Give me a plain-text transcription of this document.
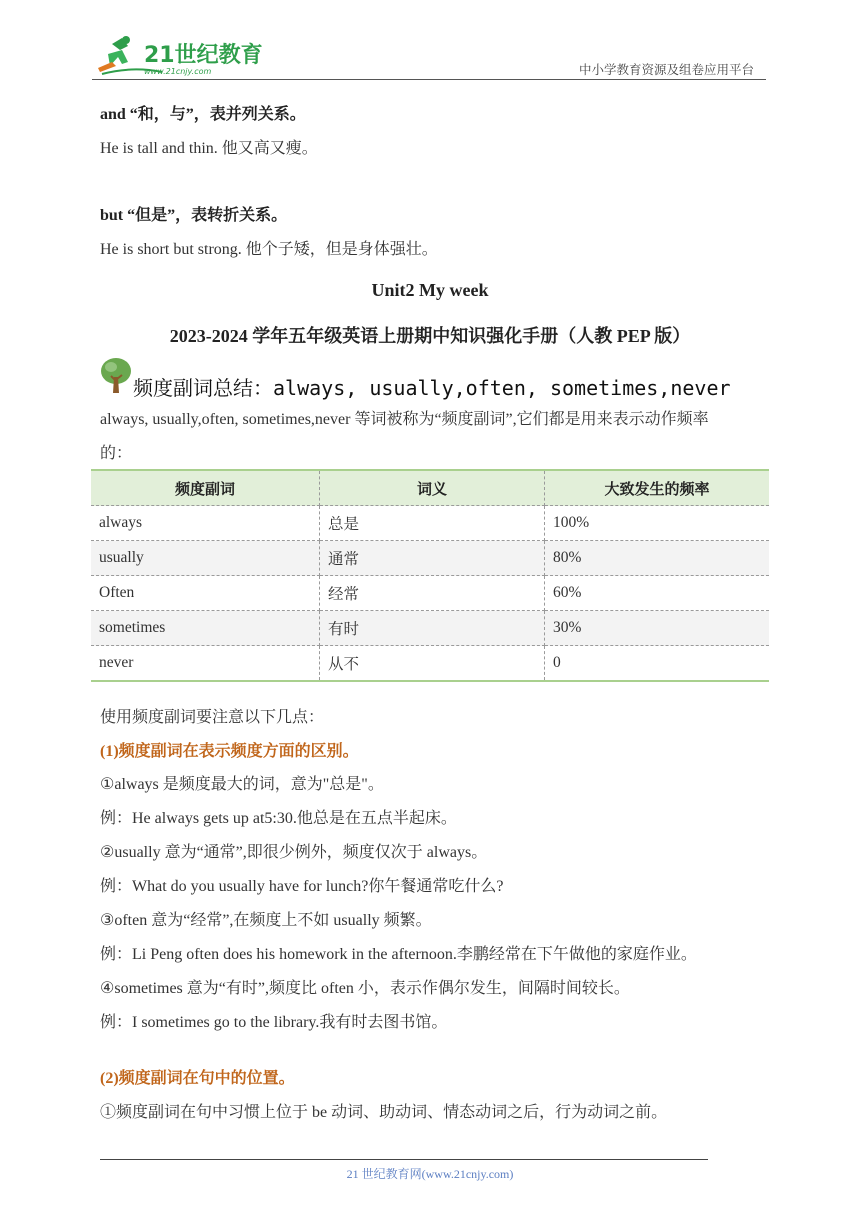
21世纪教育
www.21cnjy.com	中小学教育资源及组卷应用平台
and “和，与”，表并列关系。
He is tall and thin. 他又高又瘦。
but “但是”，表转折关系。
He is short but strong. 他个子矮，但是身体强壮。
Unit2 My week
2023-2024 学年五年级英语上册期中知识强化手册（人教 PEP 版）
频度副词总结：always, usually,often, sometimes,never
always, usually,often, sometimes,never 等词被称为“频度副词”,它们都是用来表示动作频率
的：
频度副词	词义	大致发生的频率
always	总是	100%
usually	通常	80%
Often	经常	60%
sometimes	有时	30%
never	从不	0
使用频度副词要注意以下几点：
(1)频度副词在表示频度方面的区别。
①always 是频度最大的词，意为"总是"。
例：He always gets up at5:30.他总是在五点半起床。
②usually 意为“通常”,即很少例外，频度仅次于 always。
例：What do you usually have for lunch?你午餐通常吃什么?
③often 意为“经常”,在频度上不如 usually 频繁。
例：Li Peng often does his homework in the afternoon.李鹏经常在下午做他的家庭作业。
④sometimes 意为“有时”,频度比 often 小，表示作偶尔发生，间隔时间较长。
例：I sometimes go to the library.我有时去图书馆。
(2)频度副词在句中的位置。
①频度副词在句中习惯上位于 be 动词、助动词、情态动词之后，行为动词之前。
21 世纪教育网(www.21cnjy.com)
